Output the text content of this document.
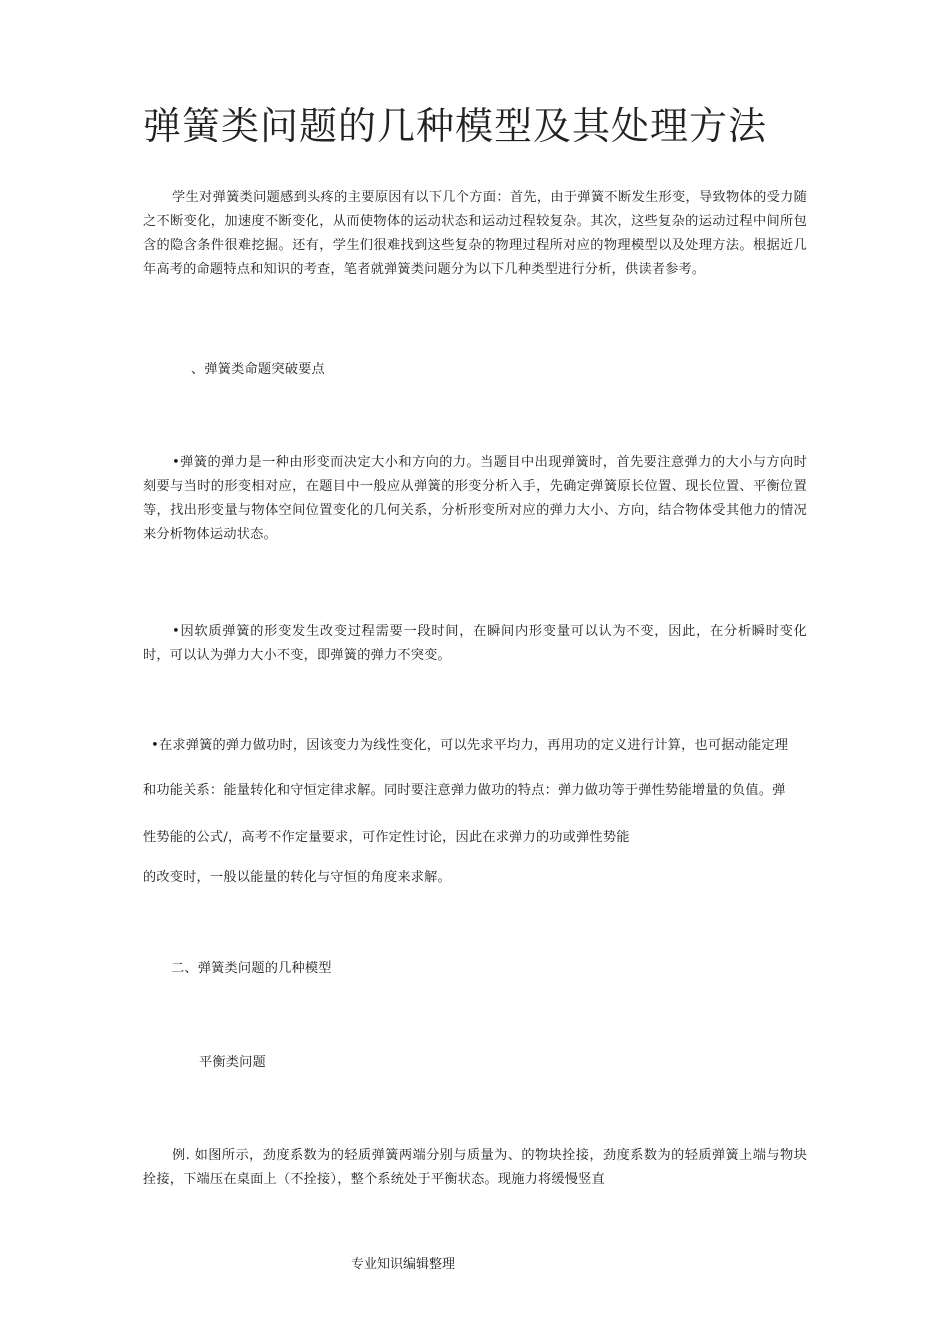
弹簧类问题的几种模型及其处理方法

学生对弹簧类问题感到头疼的主要原因有以下几个方面：首先，由于弹簧不断发生形变，导致物体的受力随之不断变化，加速度不断变化，从而使物体的运动状态和运动过程较复杂。其次，这些复杂的运动过程中间所包含的隐含条件很难挖掘。还有，学生们很难找到这些复杂的物理过程所对应的物理模型以及处理方法。根据近几年高考的命题特点和知识的考查，笔者就弹簧类问题分为以下几种类型进行分析，供读者参考。

、弹簧类命题突破要点

•弹簧的弹力是一种由形变而决定大小和方向的力。当题目中出现弹簧时，首先要注意弹力的大小与方向时刻要与当时的形变相对应，在题目中一般应从弹簧的形变分析入手，先确定弹簧原长位置、现长位置、平衡位置等，找出形变量与物体空间位置变化的几何关系，分析形变所对应的弹力大小、方向，结合物体受其他力的情况来分析物体运动状态。

•因软质弹簧的形变发生改变过程需要一段时间，在瞬间内形变量可以认为不变，因此，在分析瞬时变化时，可以认为弹力大小不变，即弹簧的弹力不突变。

•在求弹簧的弹力做功时，因该变力为线性变化，可以先求平均力，再用功的定义进行计算，也可据动能定理
和功能关系：能量转化和守恒定律求解。同时要注意弹力做功的特点：弹力做功等于弹性势能增量的负值。弹
性势能的公式/，高考不作定量要求，可作定性讨论，因此在求弹力的功或弹性势能
的改变时，一般以能量的转化与守恒的角度来求解。
二、弹簧类问题的几种模型
平衡类问题

例. 如图所示，劲度系数为的轻质弹簧两端分别与质量为、的物块拴接，劲度系数为的轻质弹簧上端与物块拴接，下端压在桌面上（不拴接），整个系统处于平衡状态。现施力将缓慢竖直

专业知识编辑整理
